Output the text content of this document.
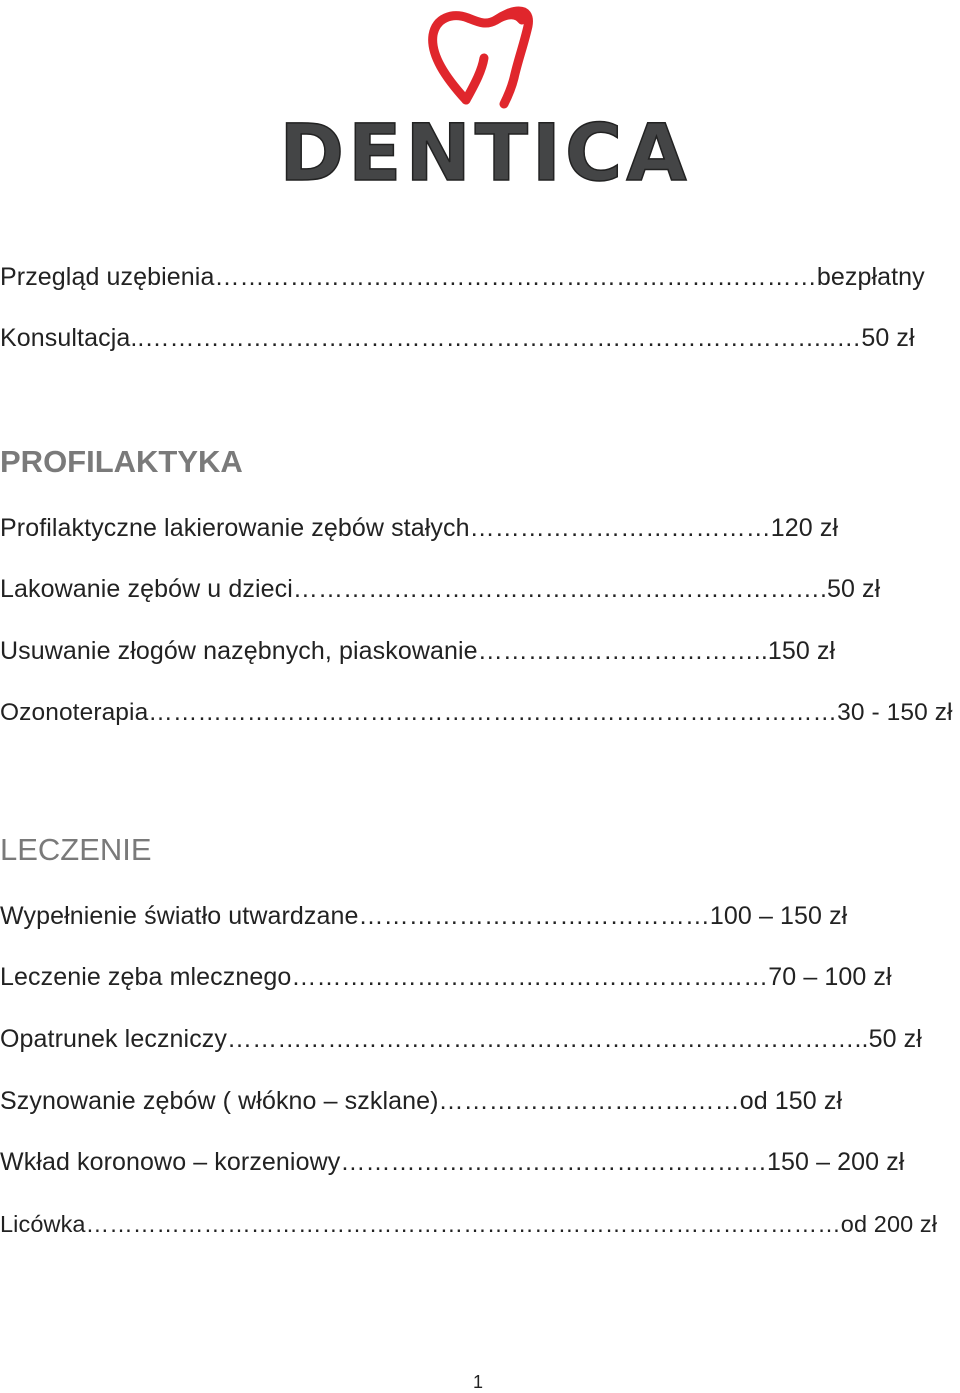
DENTICA
Przegląd uzębienia………………………………………………………………bezpłatny
Konsultacja..………………………………………………………………………..…50 zł
PROFILAKTYKA
Profilaktyczne lakierowanie zębów stałych………………………………120 zł
Lakowanie zębów u dzieci……………………………………………………….50 zł
Usuwanie złogów nazębnych, piaskowanie……………………………..150 zł
Ozonoterapia…………………………………………………………………………30 - 150 zł
LECZENIE
Wypełnienie światło utwardzane……………………………………100 – 150 zł
Leczenie zęba mlecznego…………………………………………………70 – 100 zł
Opatrunek leczniczy…………………………………………………………………..50 zł
Szynowanie zębów ( włókno – szklane)………………………………od 150 zł
Wkład koronowo – korzeniowy……………………………………………150 – 200 zł
Licówka……………………………………………………………………………………od 200 zł
1
